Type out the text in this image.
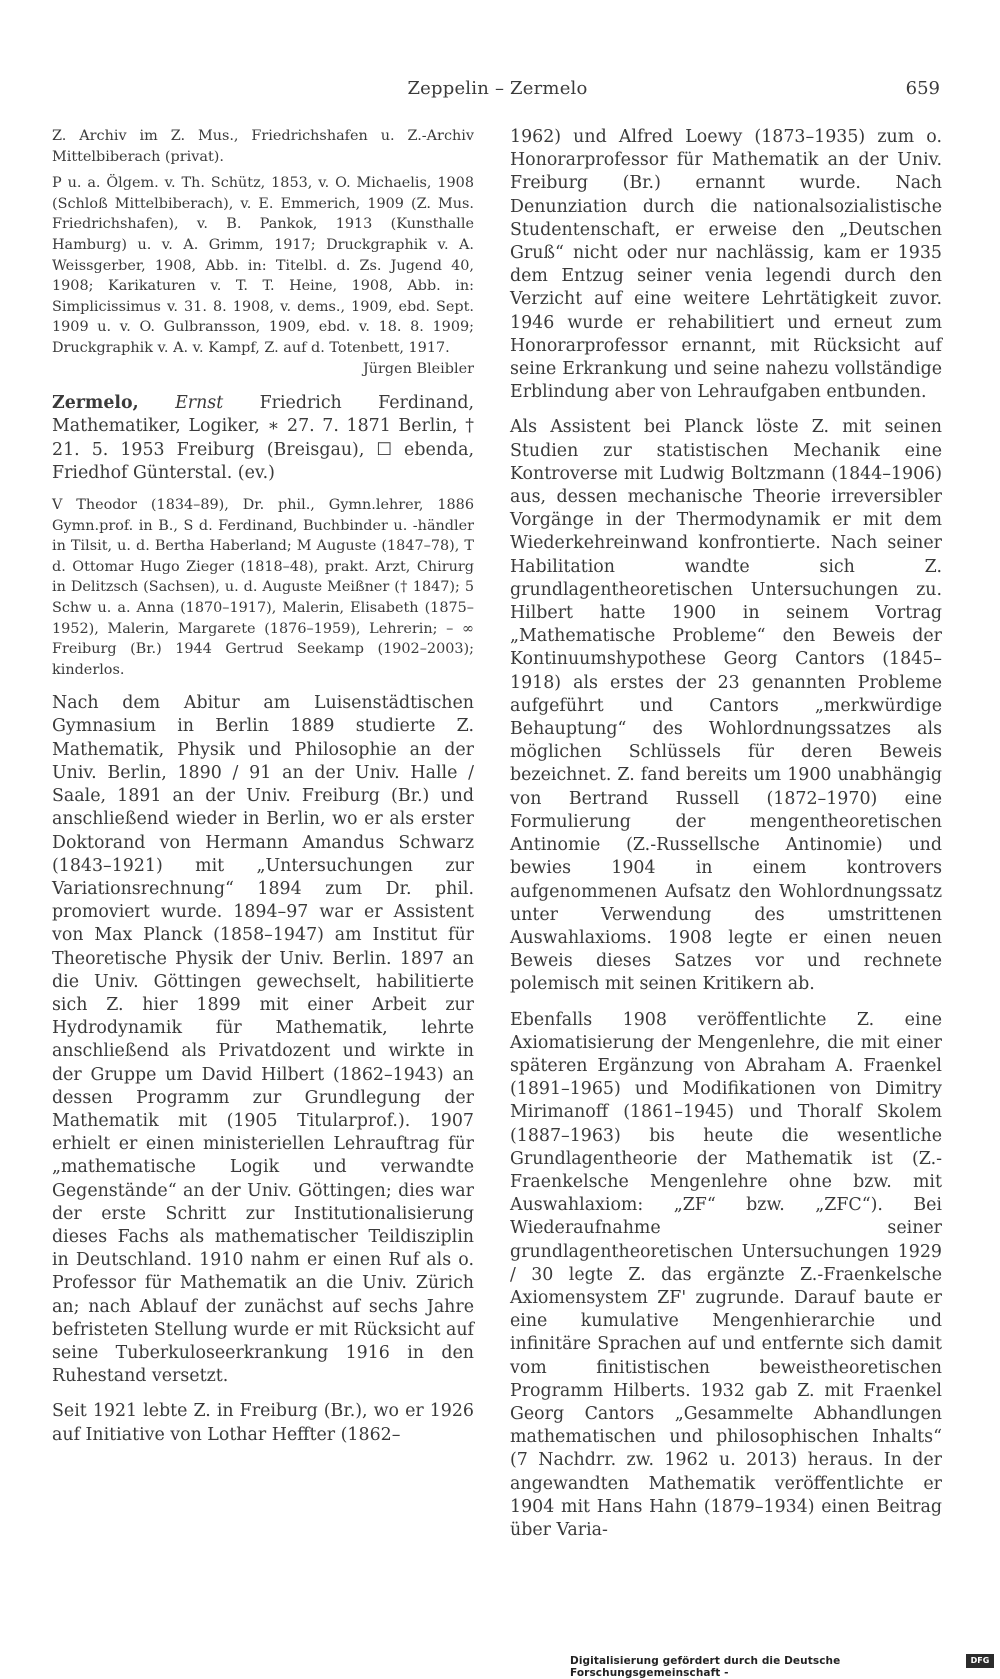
Zeppelin – Zermelo	659

Z. Archiv im Z. Mus., Friedrichshafen u. Z.-Archiv Mittelbiberach (privat).

P u. a. Ölgem. v. Th. Schütz, 1853, v. O. Michaelis, 1908 (Schloß Mittelbiberach), v. E. Emmerich, 1909 (Z. Mus. Friedrichshafen), v. B. Pankok, 1913 (Kunsthalle Hamburg) u. v. A. Grimm, 1917; Druckgraphik v. A. Weissgerber, 1908, Abb. in: Titelbl. d. Zs. Jugend 40, 1908; Karikaturen v. T. T. Heine, 1908, Abb. in: Simplicissimus v. 31. 8. 1908, v. dems., 1909, ebd. Sept. 1909 u. v. O. Gulbransson, 1909, ebd. v. 18. 8. 1909; Druckgraphik v. A. v. Kampf, Z. auf d. Totenbett, 1917.

Jürgen Bleibler

Zermelo, Ernst Friedrich Ferdinand, Mathematiker, Logiker, ∗ 27. 7. 1871 Berlin, † 21. 5. 1953 Freiburg (Breisgau), ☐ ebenda, Friedhof Günterstal. (ev.)

V Theodor (1834–89), Dr. phil., Gymn.lehrer, 1886 Gymn.prof. in B., S d. Ferdinand, Buchbinder u. -händler in Tilsit, u. d. Bertha Haberland; M Auguste (1847–78), T d. Ottomar Hugo Zieger (1818–48), prakt. Arzt, Chirurg in Delitzsch (Sachsen), u. d. Auguste Meißner († 1847); 5 Schw u. a. Anna (1870–1917), Malerin, Elisabeth (1875–1952), Malerin, Margarete (1876–1959), Lehrerin; – ∞ Freiburg (Br.) 1944 Gertrud Seekamp (1902–2003); kinderlos.

Nach dem Abitur am Luisenstädtischen Gymnasium in Berlin 1889 studierte Z. Mathematik, Physik und Philosophie an der Univ. Berlin, 1890 / 91 an der Univ. Halle / Saale, 1891 an der Univ. Freiburg (Br.) und anschließend wieder in Berlin, wo er als erster Doktorand von Hermann Amandus Schwarz (1843–1921) mit „Untersuchungen zur Variationsrechnung“ 1894 zum Dr. phil. promoviert wurde. 1894–97 war er Assistent von Max Planck (1858–1947) am Institut für Theoretische Physik der Univ. Berlin. 1897 an die Univ. Göttingen gewechselt, habilitierte sich Z. hier 1899 mit einer Arbeit zur Hydrodynamik für Mathematik, lehrte anschließend als Privatdozent und wirkte in der Gruppe um David Hilbert (1862–1943) an dessen Programm zur Grundlegung der Mathematik mit (1905 Titularprof.). 1907 erhielt er einen ministeriellen Lehrauftrag für „mathematische Logik und verwandte Gegenstände“ an der Univ. Göttingen; dies war der erste Schritt zur Institutionalisierung dieses Fachs als mathematischer Teildisziplin in Deutschland. 1910 nahm er einen Ruf als o. Professor für Mathematik an die Univ. Zürich an; nach Ablauf der zunächst auf sechs Jahre befristeten Stellung wurde er mit Rücksicht auf seine Tuberkuloseerkrankung 1916 in den Ruhestand versetzt.

Seit 1921 lebte Z. in Freiburg (Br.), wo er 1926 auf Initiative von Lothar Heffter (1862–

1962) und Alfred Loewy (1873–1935) zum o. Honorarprofessor für Mathematik an der Univ. Freiburg (Br.) ernannt wurde. Nach Denunziation durch die nationalsozialistische Studentenschaft, er erweise den „Deutschen Gruß“ nicht oder nur nachlässig, kam er 1935 dem Entzug seiner venia legendi durch den Verzicht auf eine weitere Lehrtätigkeit zuvor. 1946 wurde er rehabilitiert und erneut zum Honorarprofessor ernannt, mit Rücksicht auf seine Erkrankung und seine nahezu vollständige Erblindung aber von Lehraufgaben entbunden.

Als Assistent bei Planck löste Z. mit seinen Studien zur statistischen Mechanik eine Kontroverse mit Ludwig Boltzmann (1844–1906) aus, dessen mechanische Theorie irreversibler Vorgänge in der Thermodynamik er mit dem Wiederkehreinwand konfrontierte. Nach seiner Habilitation wandte sich Z. grundlagentheoretischen Untersuchungen zu. Hilbert hatte 1900 in seinem Vortrag „Mathematische Probleme“ den Beweis der Kontinuumshypothese Georg Cantors (1845–1918) als erstes der 23 genannten Probleme aufgeführt und Cantors „merkwürdige Behauptung“ des Wohlordnungssatzes als möglichen Schlüssels für deren Beweis bezeichnet. Z. fand bereits um 1900 unabhängig von Bertrand Russell (1872–1970) eine Formulierung der mengentheoretischen Antinomie (Z.-Russellsche Antinomie) und bewies 1904 in einem kontrovers aufgenommenen Aufsatz den Wohlordnungssatz unter Verwendung des umstrittenen Auswahlaxioms. 1908 legte er einen neuen Beweis dieses Satzes vor und rechnete polemisch mit seinen Kritikern ab.

Ebenfalls 1908 veröffentlichte Z. eine Axiomatisierung der Mengenlehre, die mit einer späteren Ergänzung von Abraham A. Fraenkel (1891–1965) und Modifikationen von Dimitry Mirimanoff (1861–1945) und Thoralf Skolem (1887–1963) bis heute die wesentliche Grundlagentheorie der Mathematik ist (Z.-Fraenkelsche Mengenlehre ohne bzw. mit Auswahlaxiom: „ZF“ bzw. „ZFC“). Bei Wiederaufnahme seiner grundlagentheoretischen Untersuchungen 1929 / 30 legte Z. das ergänzte Z.-Fraenkelsche Axiomensystem ZF' zugrunde. Darauf baute er eine kumulative Mengenhierarchie und infinitäre Sprachen auf und entfernte sich damit vom finitistischen beweistheoretischen Programm Hilberts. 1932 gab Z. mit Fraenkel Georg Cantors „Gesammelte Abhandlungen mathematischen und philosophischen Inhalts“ (7 Nachdrr. zw. 1962 u. 2013) heraus. In der angewandten Mathematik veröffentlichte er 1904 mit Hans Hahn (1879–1934) einen Beitrag über Varia-

Digitalisierung gefördert durch die Deutsche Forschungsgemeinschaft -
DFG
